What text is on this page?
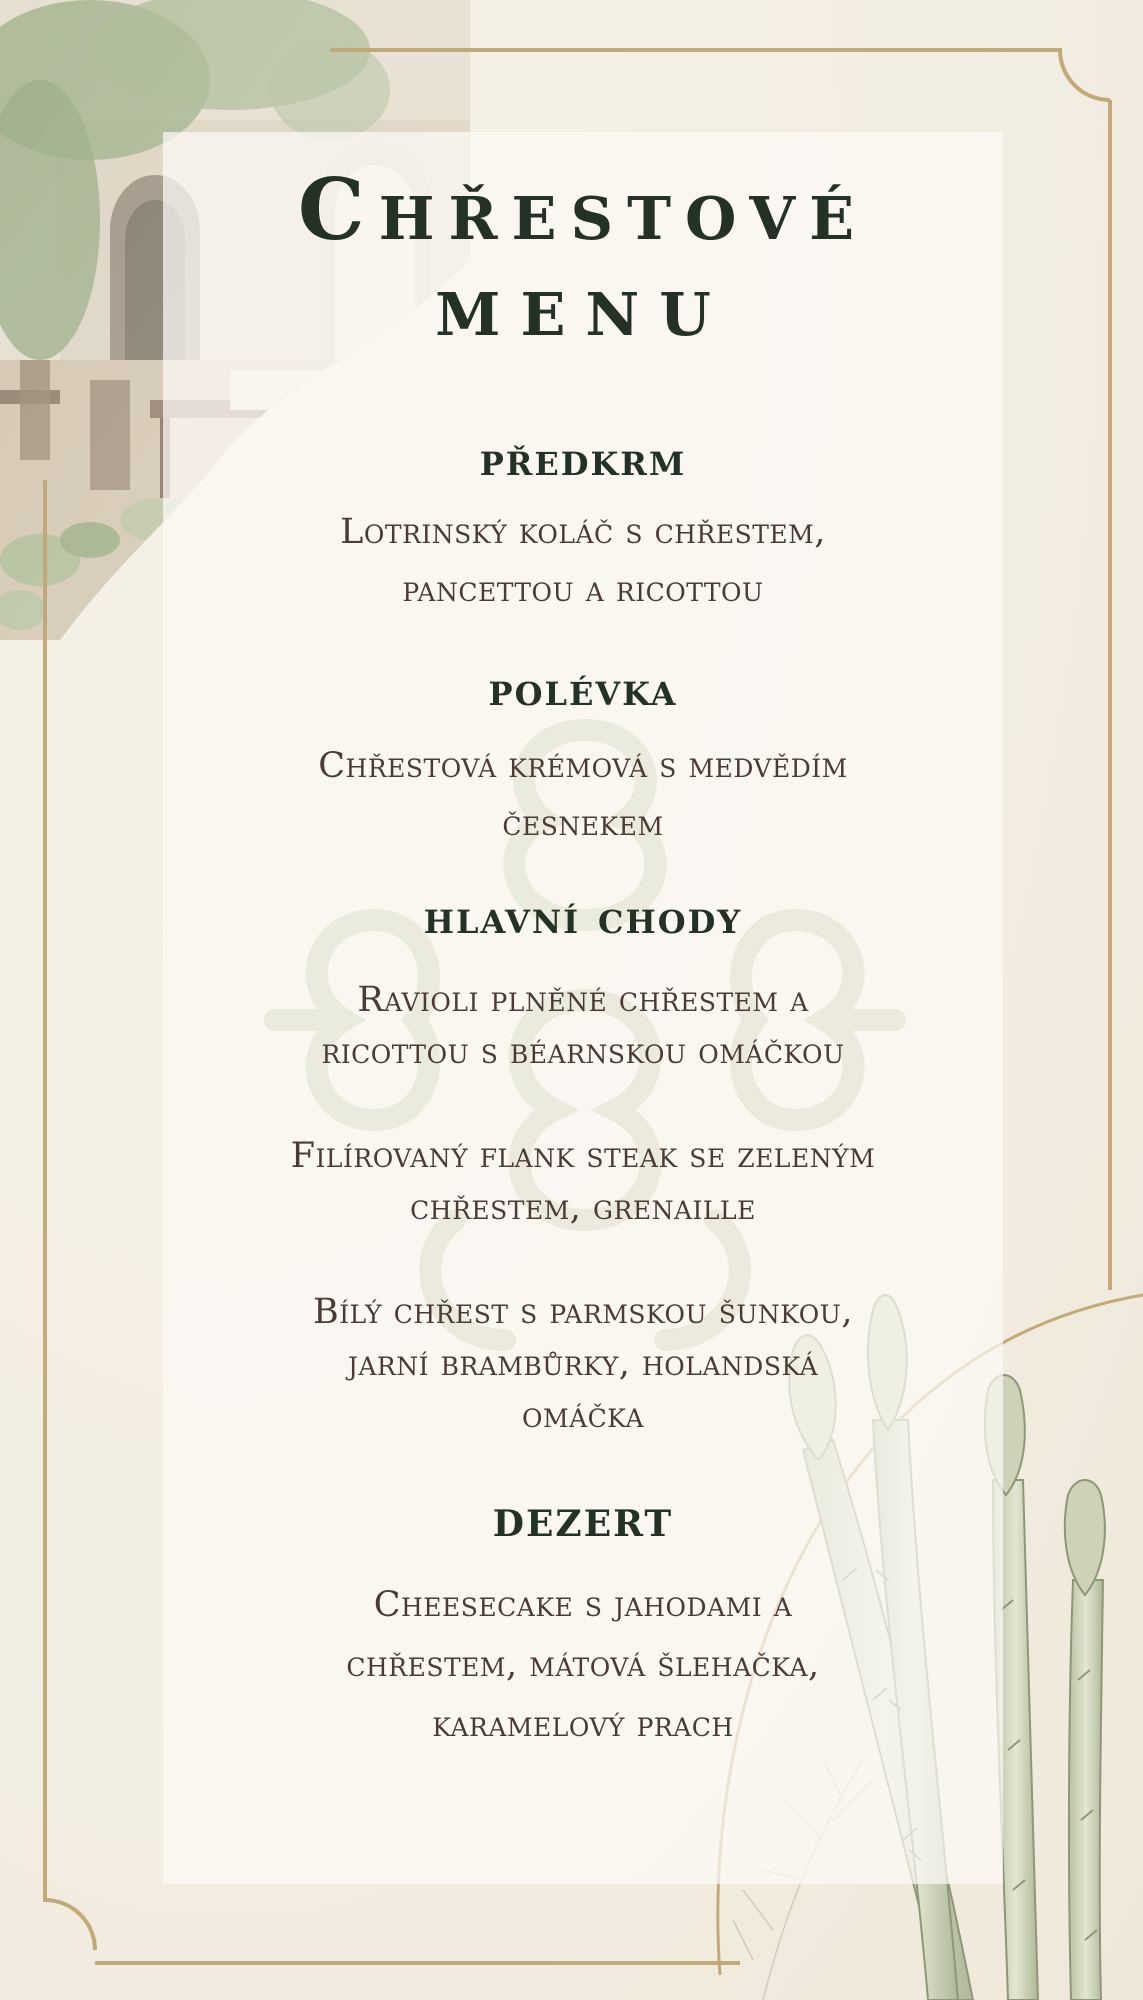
Chřestové
menu
předkrm

Lotrinský koláč s chřestem,

pancettou a ricottou

polévka

Chřestová krémová s medvědím

česnekem

hlavní chody

Ravioli plněné chřestem a

ricottou s béarnskou omáčkou

Filírovaný flank steak se zeleným

chřestem, grenaille

Bílý chřest s parmskou šunkou,

jarní brambůrky, holandská

omáčka

dezert

Cheesecake s jahodami a

chřestem, mátová šlehačka,

karamelový prach
